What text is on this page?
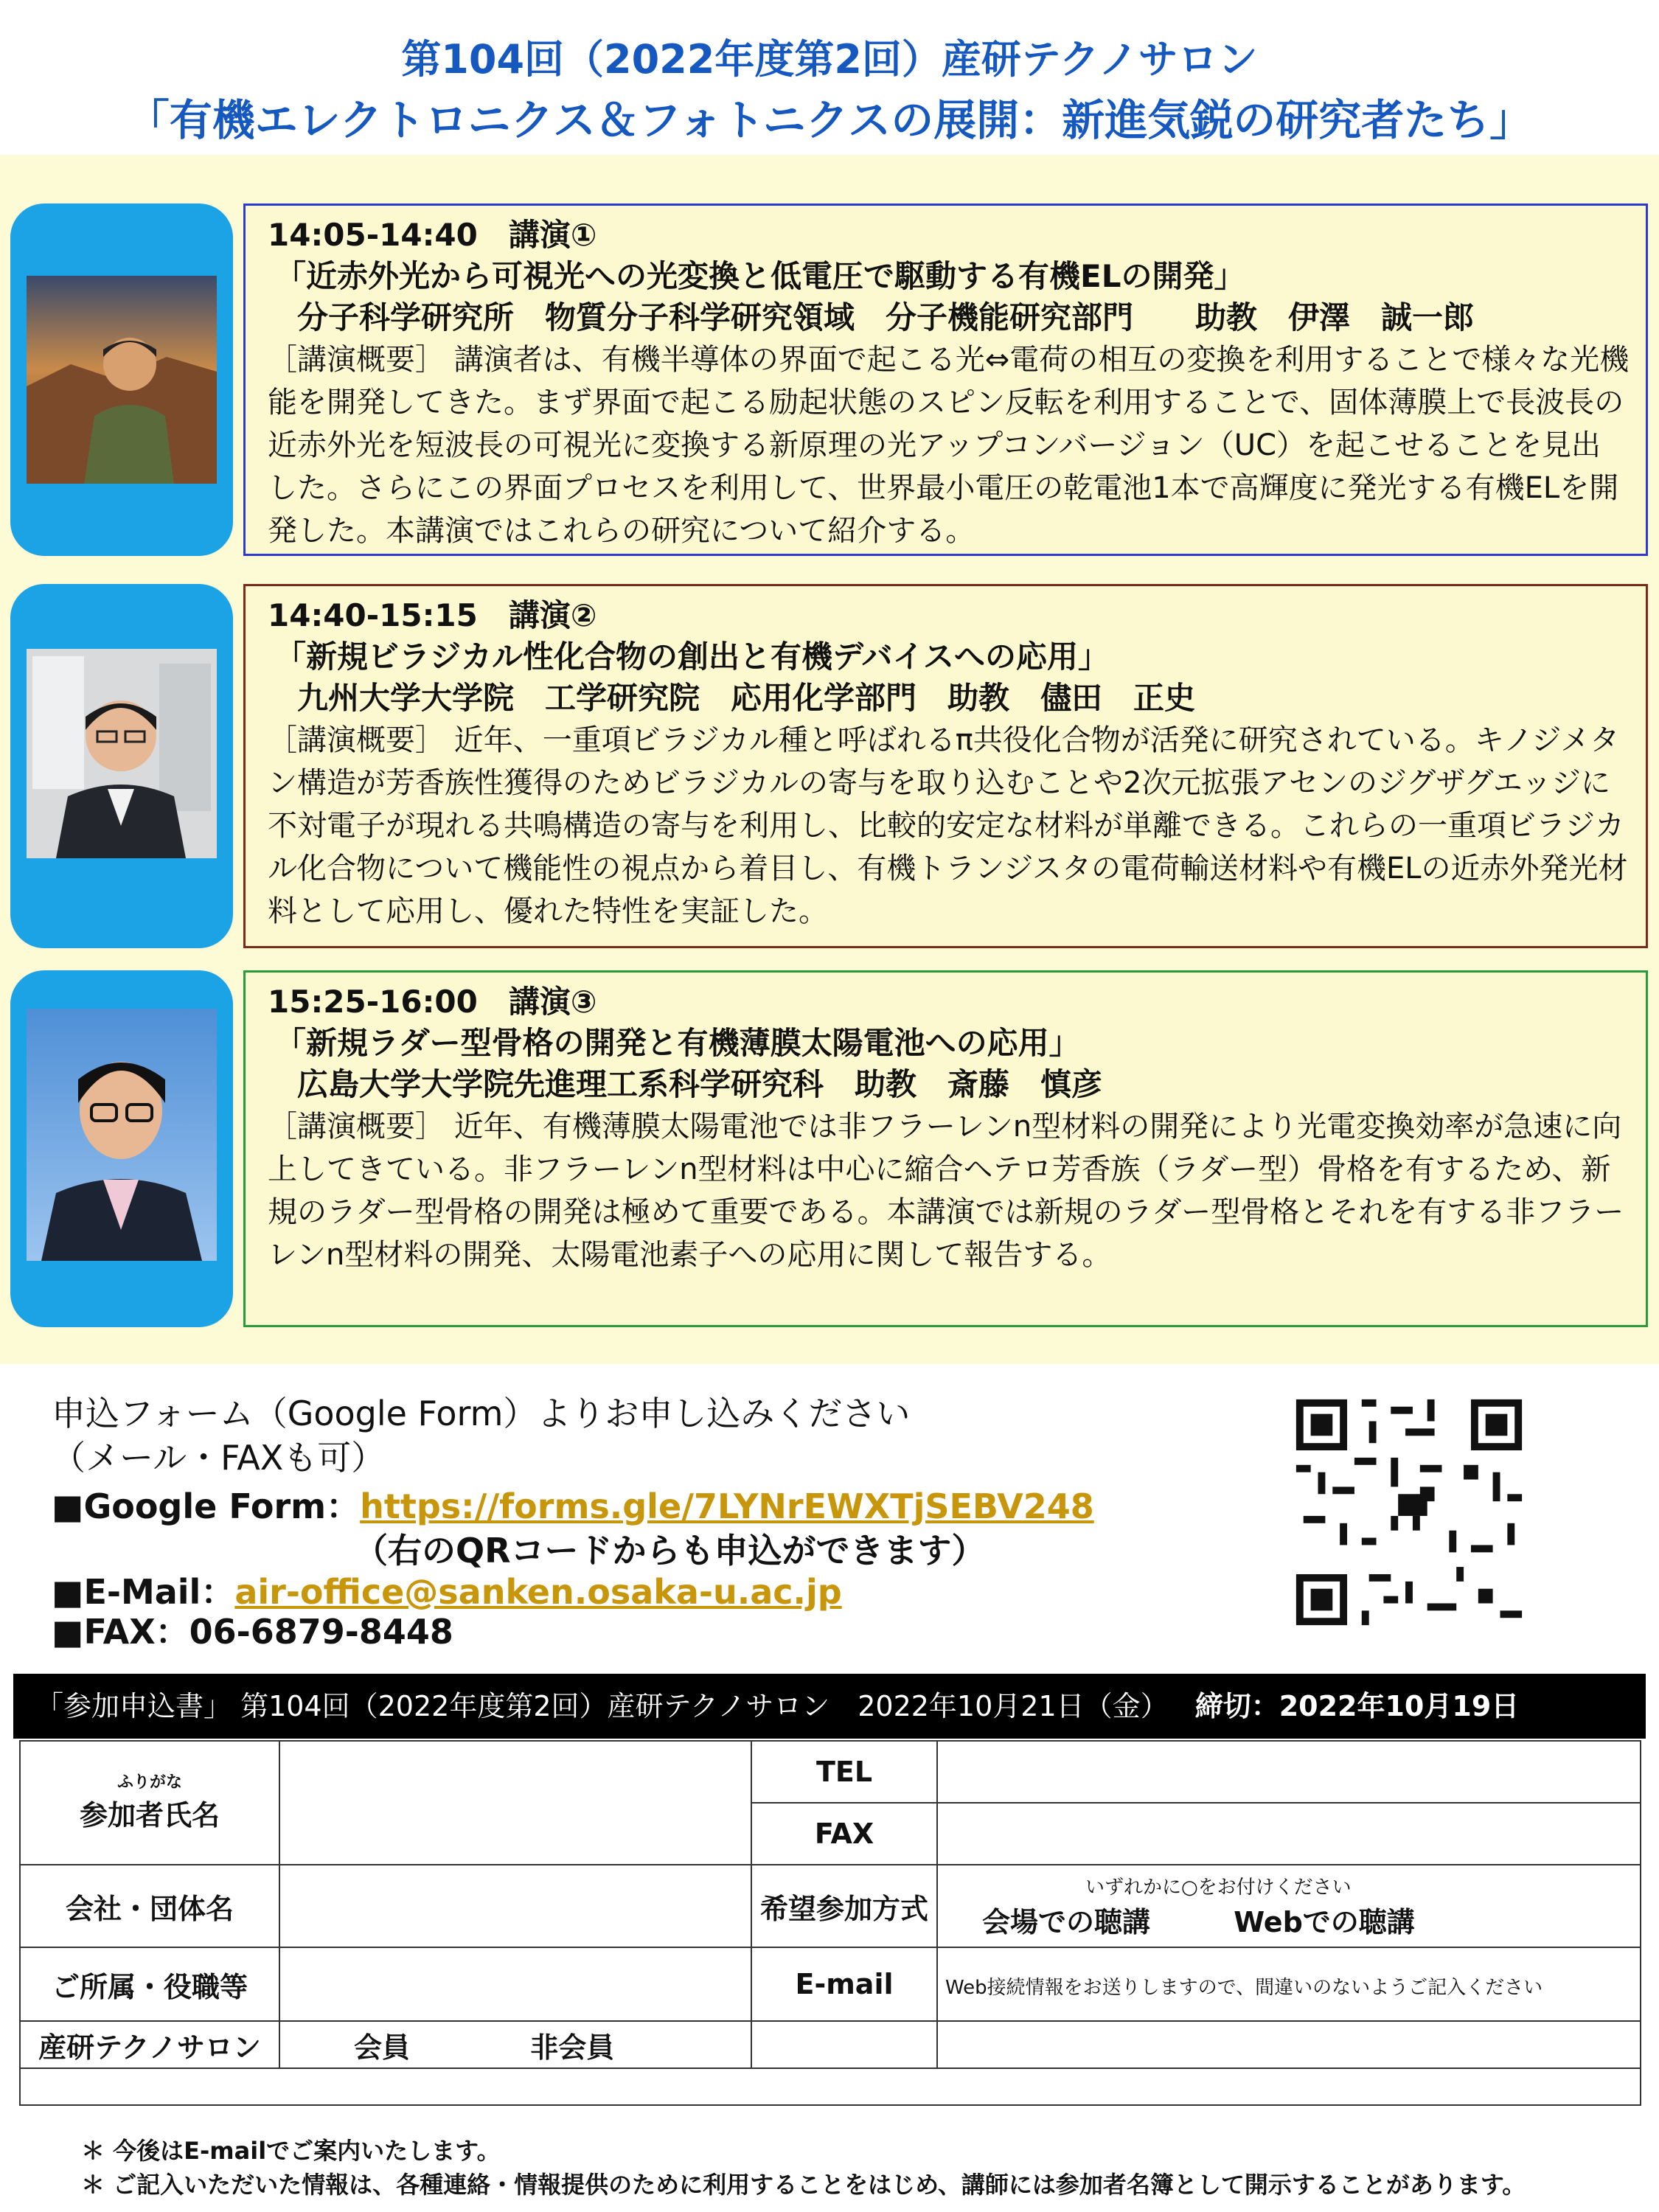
第104回（2022年度第2回）産研テクノサロン
「有機エレクトロニクス＆フォトニクスの展開：新進気鋭の研究者たち」
14:05-14:40　講演①
「近赤外光から可視光への光変換と低電圧で駆動する有機ELの開発」
分子科学研究所　物質分子科学研究領域　分子機能研究部門　　助教　伊澤　誠一郎
［講演概要］ 講演者は、有機半導体の界面で起こる光⇔電荷の相互の変換を利用することで様々な光機能を開発してきた。まず界面で起こる励起状態のスピン反転を利用することで、固体薄膜上で長波長の近赤外光を短波長の可視光に変換する新原理の光アップコンバージョン（UC）を起こせることを見出した。さらにこの界面プロセスを利用して、世界最小電圧の乾電池1本で高輝度に発光する有機ELを開発した。本講演ではこれらの研究について紹介する。
14:40-15:15　講演②
「新規ビラジカル性化合物の創出と有機デバイスへの応用」
九州大学大学院　工学研究院　応用化学部門　助教　儘田　正史
［講演概要］ 近年、一重項ビラジカル種と呼ばれるπ共役化合物が活発に研究されている。キノジメタン構造が芳香族性獲得のためビラジカルの寄与を取り込むことや2次元拡張アセンのジグザグエッジに不対電子が現れる共鳴構造の寄与を利用し、比較的安定な材料が単離できる。これらの一重項ビラジカル化合物について機能性の視点から着目し、有機トランジスタの電荷輸送材料や有機ELの近赤外発光材料として応用し、優れた特性を実証した。
15:25-16:00　講演③
「新規ラダー型骨格の開発と有機薄膜太陽電池への応用」
広島大学大学院先進理工系科学研究科　助教　斎藤　慎彦
［講演概要］ 近年、有機薄膜太陽電池では非フラーレンn型材料の開発により光電変換効率が急速に向上してきている。非フラーレンn型材料は中心に縮合ヘテロ芳香族（ラダー型）骨格を有するため、新規のラダー型骨格の開発は極めて重要である。本講演では新規のラダー型骨格とそれを有する非フラーレンn型材料の開発、太陽電池素子への応用に関して報告する。
申込フォーム（Google Form）よりお申し込みください
（メール・FAXも可）
■Google Form：https://forms.gle/7LYNrEWXTjSEBV248
（右のQRコードからも申込ができます）
■E-Mail：air-office@sanken.osaka-u.ac.jp
■FAX：06-6879-8448
「参加申込書」 第104回（2022年度第2回）産研テクノサロン　2022年10月21日（金） 締切：2022年10月19日
ふりがな
参加者氏名		TEL	
		FAX	
会社・団体名		希望参加方式	いずれかに○をお付けください
会場での聴講 Webでの聴講
ご所属・役職等		E-mail	Web接続情報をお送りしますので、間違いのないようご記入ください
産研テクノサロン	会員 非会員		

＊ 今後はE-mailでご案内いたします。
＊ ご記入いただいた情報は、各種連絡・情報提供のために利用することをはじめ、講師には参加者名簿として開示することがあります。
